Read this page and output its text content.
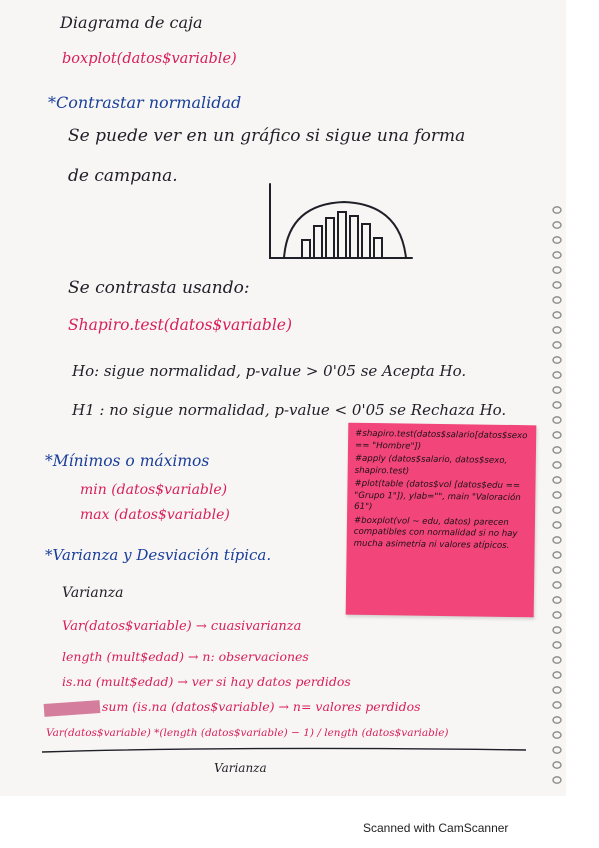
Diagrama de caja
boxplot(datos$variable)
*Contrastar normalidad
Se puede ver en un gráfico si sigue una forma
de campana.
Se contrasta usando:
Shapiro.test(datos$variable)
Ho: sigue normalidad, p-value > 0'05 se Acepta Ho.
H1 : no sigue normalidad, p-value < 0'05 se Rechaza Ho.
*Mínimos o máximos
min (datos$variable)
max (datos$variable)
*Varianza y Desviación típica.
Varianza
Var(datos$variable) → cuasivarianza
length (mult$edad) → n: observaciones
is.na (mult$edad) → ver si hay datos perdidos
sum (is.na (datos$variable) → n= valores perdidos
Var(datos$variable) *(length (datos$variable) − 1) / length (datos$variable)
Varianza
#shapiro.test(datos$salario[datos$sexo == "Hombre"])
#apply (datos$salario, datos$sexo, shapiro.test)
#plot(table (datos$vol [datos$edu == "Grupo 1"]), ylab="", main "Valoración 61")
#boxplot(vol ~ edu, datos) parecen compatibles con normalidad si no hay mucha asimetría ni valores atípicos.
Scanned with CamScanner
